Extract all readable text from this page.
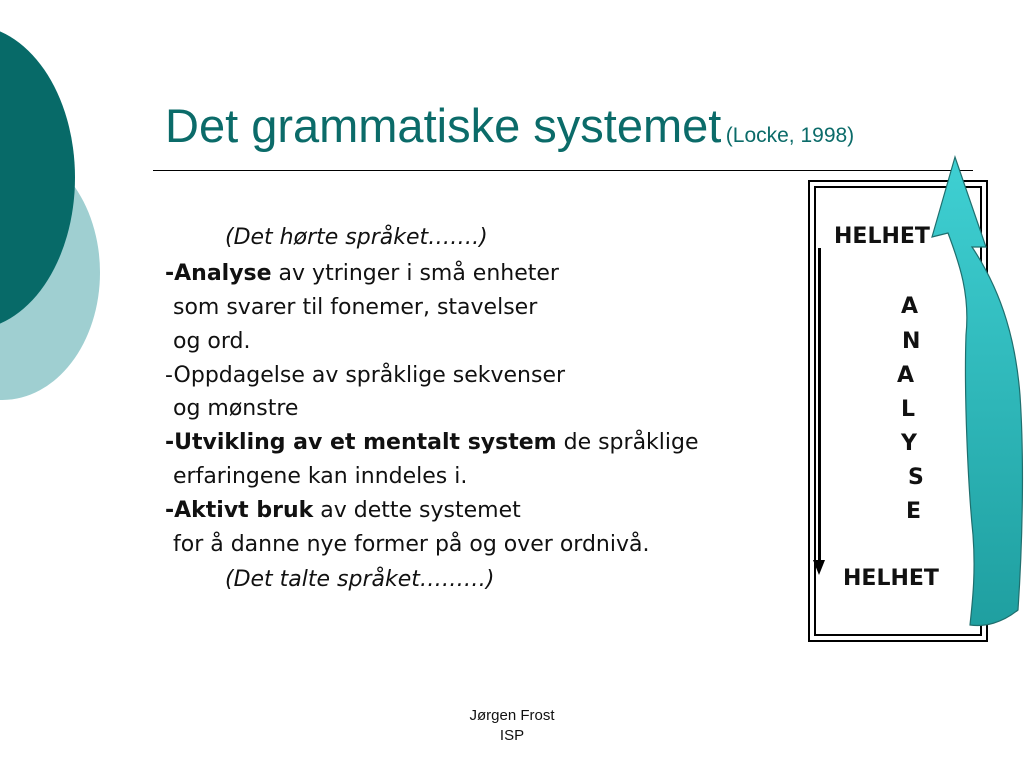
Det grammatiske systemet (Locke, 1998)
(Det hørte språket…….)
-Analyse av ytringer i små enheter
som svarer til fonemer, stavelser
og ord.
-Oppdagelse av språklige sekvenser
og mønstre
-Utvikling av et mentalt system de språklige
erfaringene kan inndeles i.
-Aktivt bruk av dette systemet
for å danne nye former på og over ordnivå.
(Det talte språket………)
HELHET
A
N
A
L
Y
S
E
HELHET
Jørgen Frost
ISP
